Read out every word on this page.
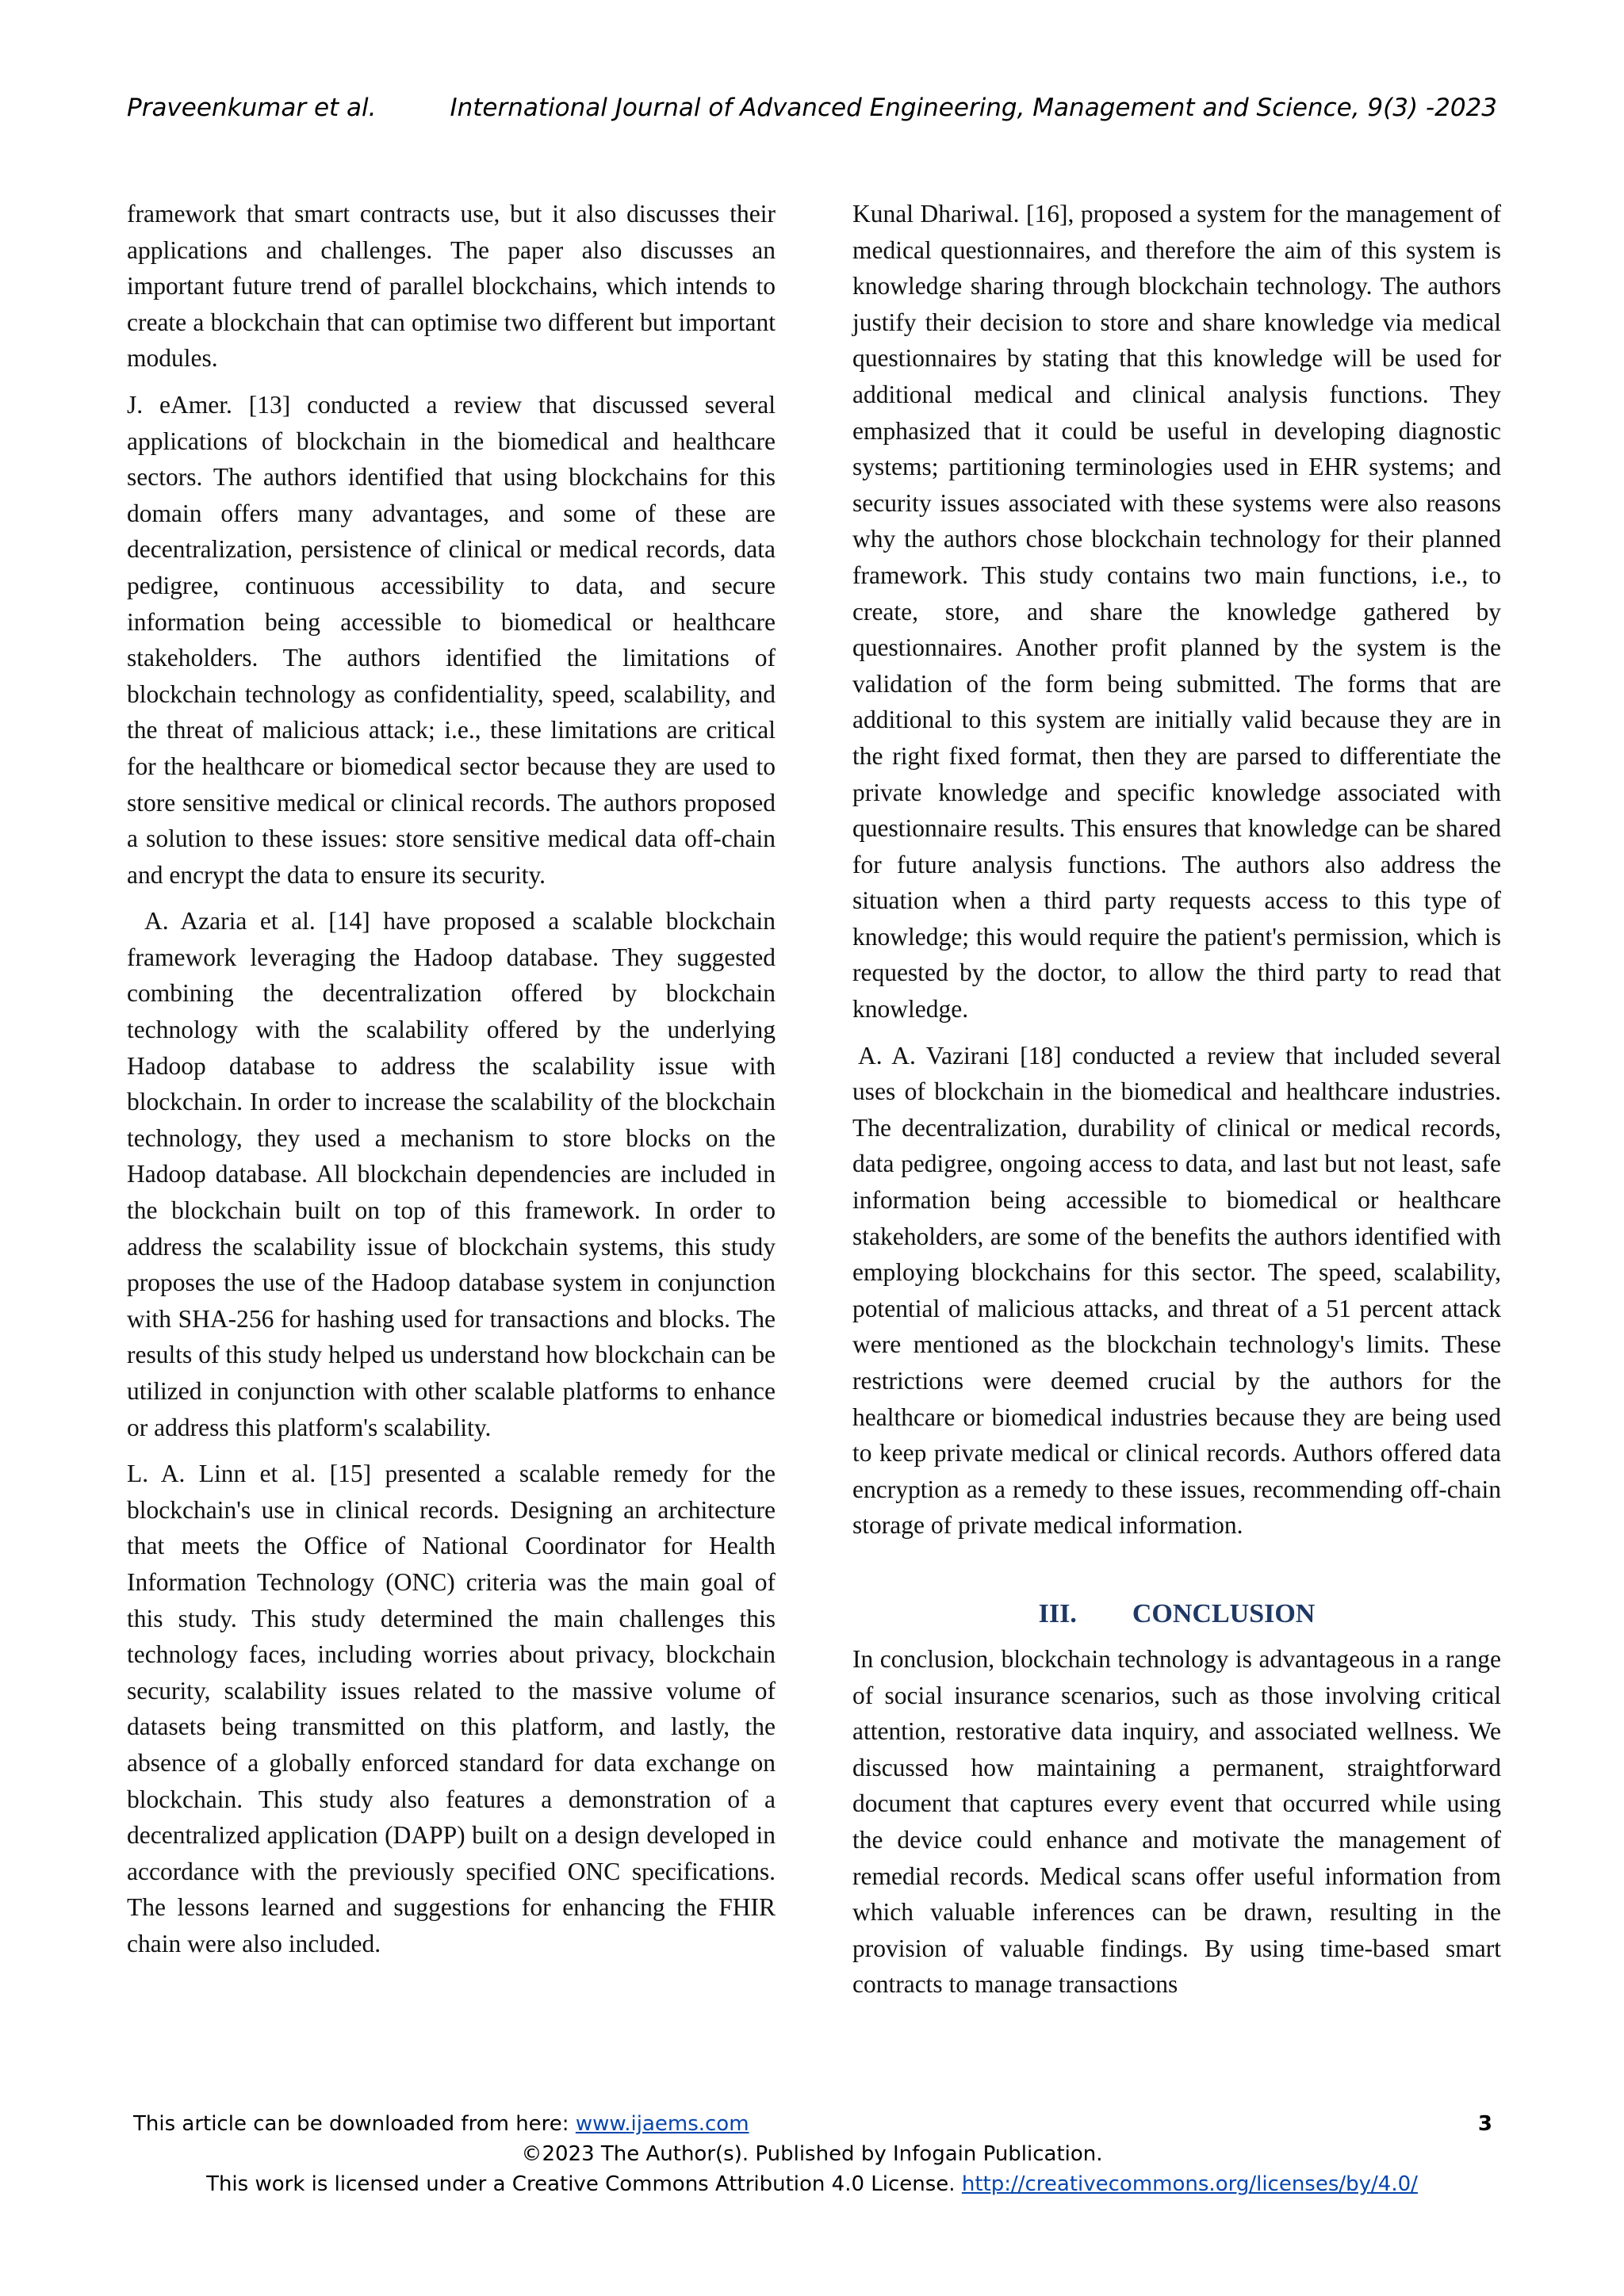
Praveenkumar et al.	International Journal of Advanced Engineering, Management and Science, 9(3) -2023

framework that smart contracts use, but it also discusses their applications and challenges. The paper also discusses an important future trend of parallel blockchains, which intends to create a blockchain that can optimise two different but important modules.

J. eAmer. [13] conducted a review that discussed several applications of blockchain in the biomedical and healthcare sectors. The authors identified that using blockchains for this domain offers many advantages, and some of these are decentralization, persistence of clinical or medical records, data pedigree, continuous accessibility to data, and secure information being accessible to biomedical or healthcare stakeholders. The authors identified the limitations of blockchain technology as confidentiality, speed, scalability, and the threat of malicious attack; i.e., these limitations are critical for the healthcare or biomedical sector because they are used to store sensitive medical or clinical records. The authors proposed a solution to these issues: store sensitive medical data off-chain and encrypt the data to ensure its security.

A. Azaria et al. [14] have proposed a scalable blockchain framework leveraging the Hadoop database. They suggested combining the decentralization offered by blockchain technology with the scalability offered by the underlying Hadoop database to address the scalability issue with blockchain. In order to increase the scalability of the blockchain technology, they used a mechanism to store blocks on the Hadoop database. All blockchain dependencies are included in the blockchain built on top of this framework. In order to address the scalability issue of blockchain systems, this study proposes the use of the Hadoop database system in conjunction with SHA-256 for hashing used for transactions and blocks. The results of this study helped us understand how blockchain can be utilized in conjunction with other scalable platforms to enhance or address this platform's scalability.

L. A. Linn et al. [15] presented a scalable remedy for the blockchain's use in clinical records. Designing an architecture that meets the Office of National Coordinator for Health Information Technology (ONC) criteria was the main goal of this study. This study determined the main challenges this technology faces, including worries about privacy, blockchain security, scalability issues related to the massive volume of datasets being transmitted on this platform, and lastly, the absence of a globally enforced standard for data exchange on blockchain. This study also features a demonstration of a decentralized application (DAPP) built on a design developed in accordance with the previously specified ONC specifications. The lessons learned and suggestions for enhancing the FHIR chain were also included.

Kunal Dhariwal. [16], proposed a system for the management of medical questionnaires, and therefore the aim of this system is knowledge sharing through blockchain technology. The authors justify their decision to store and share knowledge via medical questionnaires by stating that this knowledge will be used for additional medical and clinical analysis functions. They emphasized that it could be useful in developing diagnostic systems; partitioning terminologies used in EHR systems; and security issues associated with these systems were also reasons why the authors chose blockchain technology for their planned framework. This study contains two main functions, i.e., to create, store, and share the knowledge gathered by questionnaires. Another profit planned by the system is the validation of the form being submitted. The forms that are additional to this system are initially valid because they are in the right fixed format, then they are parsed to differentiate the private knowledge and specific knowledge associated with questionnaire results. This ensures that knowledge can be shared for future analysis functions. The authors also address the situation when a third party requests access to this type of knowledge; this would require the patient's permission, which is requested by the doctor, to allow the third party to read that knowledge.

A. A. Vazirani [18] conducted a review that included several uses of blockchain in the biomedical and healthcare industries. The decentralization, durability of clinical or medical records, data pedigree, ongoing access to data, and last but not least, safe information being accessible to biomedical or healthcare stakeholders, are some of the benefits the authors identified with employing blockchains for this sector. The speed, scalability, potential of malicious attacks, and threat of a 51 percent attack were mentioned as the blockchain technology's limits. These restrictions were deemed crucial by the authors for the healthcare or biomedical industries because they are being used to keep private medical or clinical records. Authors offered data encryption as a remedy to these issues, recommending off-chain storage of private medical information.

III. CONCLUSION

In conclusion, blockchain technology is advantageous in a range of social insurance scenarios, such as those involving critical attention, restorative data inquiry, and associated wellness. We discussed how maintaining a permanent, straightforward document that captures every event that occurred while using the device could enhance and motivate the management of remedial records. Medical scans offer useful information from which valuable inferences can be drawn, resulting in the provision of valuable findings. By using time-based smart contracts to manage transactions

This article can be downloaded from here: www.ijaems.com	3
©2023 The Author(s). Published by Infogain Publication.
This work is licensed under a Creative Commons Attribution 4.0 License. http://creativecommons.org/licenses/by/4.0/
